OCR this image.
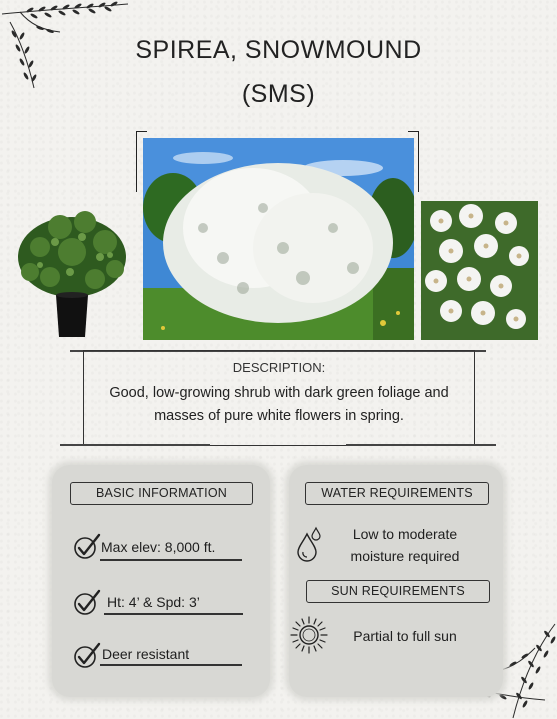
SPIREA, SNOWMOUND
(SMS)
DESCRIPTION:
Good, low-growing shrub with dark green foliage and masses of pure white flowers in spring.
BASIC INFORMATION
Max elev: 8,000 ft.
Ht: 4’ & Spd: 3’
Deer resistant
WATER REQUIREMENTS
Low to moderate
moisture required
SUN REQUIREMENTS
Partial to full sun
